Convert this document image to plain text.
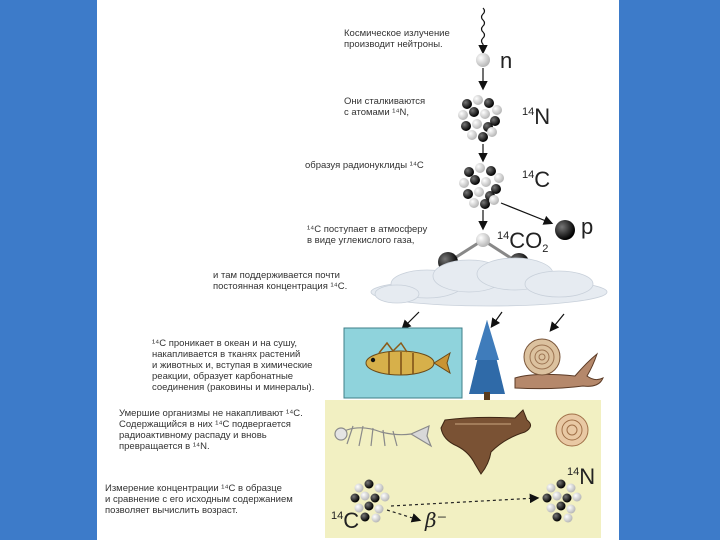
Космическое излучение
производит нейтроны.
Они сталкиваются
с атомами ¹⁴N,
образуя радионуклиды ¹⁴C
¹⁴C поступает в атмосферу
в виде углекислого газа,
и там поддерживается почти
постоянная концентрация ¹⁴C.
¹⁴C проникает в океан и на сушу,
накапливается в тканях растений
и животных и, вступая в химические
реакции, образует карбонатные
соединения (раковины и минералы).
Умершие организмы не накапливают ¹⁴C.
Содержащийся в них ¹⁴C подвергается
радиоактивному распаду и вновь
превращается в ¹⁴N.
Измерение концентрации ¹⁴C в образце
и сравнение с его исходным содержанием
позволяет вычислить возраст.
n
$^{14}$N
$^{14}$C
$^{14}CO_2$
p
$^{14}$N
$^{14}$C	β⁻
